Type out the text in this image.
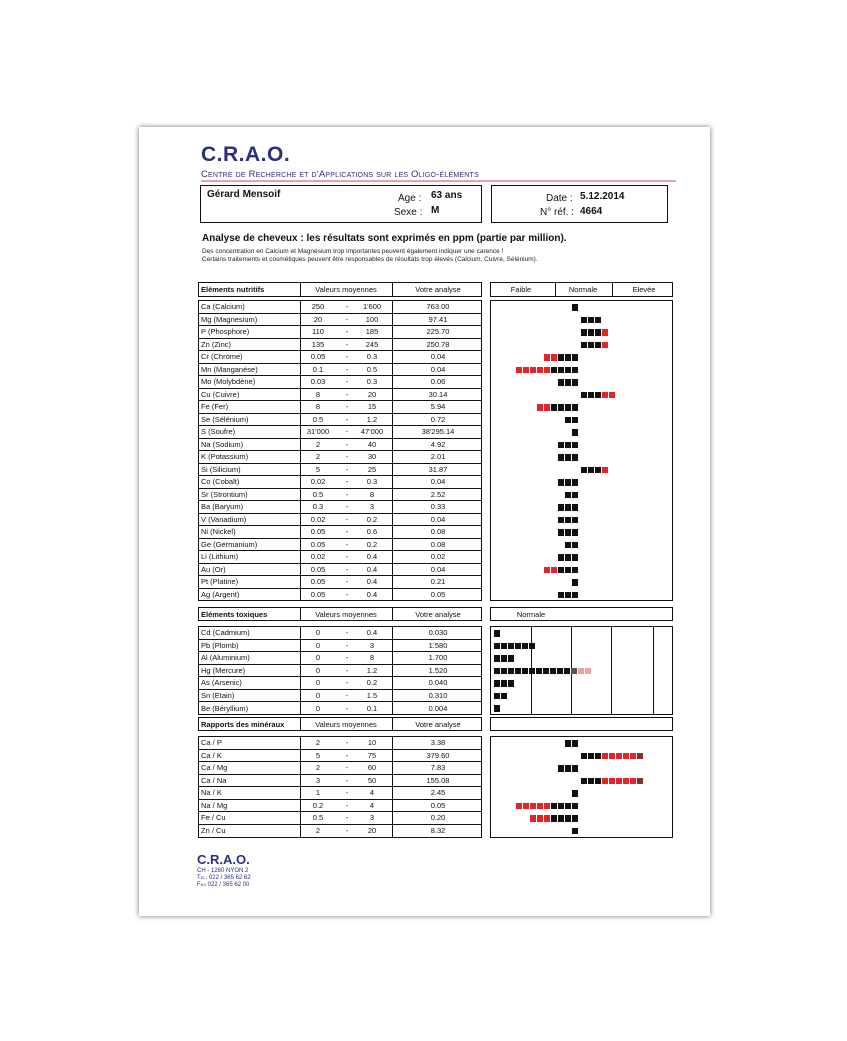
C.R.A.O.
Centre de Recherche et d'Applications sur les Oligo-éléments
Gérard Mensoif	Age : 63 ans
Sexe : M
Date : 5.12.2014
N° réf. : 4664
Analyse de cheveux : les résultats sont exprimés en ppm (partie par million).
Des concentration en Calcium et Magnésium trop importantes peuvent également indiquer une carence !
Certains traitements et cosmétiques peuvent être responsables de résultats trop élevés (Calcium, Cuivre, Sélénium).
Eléments nutritifs	Valeurs moyennes	Votre analyse	Faible	Normale	Elevée
Ca (Calcium)	250	-	1'600	763.00
Mg (Magnesium)	20	-	100	97.41
P (Phosphore)	110	-	185	225.70
Zn (Zinc)	135	-	245	250.78
Cr (Chrome)	0.05	-	0.3	0.04
Mn (Manganèse)	0.1	-	0.5	0.04
Mo (Molybdène)	0.03	-	0.3	0.06
Cu (Cuivre)	8	-	20	30.14
Fe (Fer)	8	-	15	5.94
Se (Sélénium)	0.5	-	1.2	0.72
S (Soufre)	31'000	-	47'000	38'295.14
Na (Sodium)	2	-	40	4.92
K (Potassium)	2	-	30	2.01
Si (Silicium)	5	-	25	31.87
Co (Cobalt)	0.02	-	0.3	0.04
Sr (Strontium)	0.5	-	8	2.52
Ba (Baryum)	0.3	-	3	0.33
V (Vanadium)	0.02	-	0.2	0.04
Ni (Nickel)	0.05	-	0.6	0.08
Ge (Germanium)	0.05	-	0.2	0.08
Li (Lithium)	0.02	-	0.4	0.02
Au (Or)	0.05	-	0.4	0.04
Pt (Platine)	0.05	-	0.4	0.21
Ag (Argent)	0.05	-	0.4	0.05
Eléments toxiques	Valeurs moyennes	Votre analyse	Normale
Cd (Cadmium)	0	-	0.4	0.030
Pb (Plomb)	0	-	3	1.580
Al (Aluminium)	0	-	8	1.700
Hg (Mercure)	0	-	1.2	1.520
As (Arsenic)	0	-	0.2	0.040
Sn (Etain)	0	-	1.5	0.310
Be (Béryllium)	0	-	0.1	0.004
Rapports des minéraux	Valeurs moyennes	Votre analyse
Ca / P	2	-	10	3.38
Ca / K	5	-	75	379.60
Ca / Mg	2	-	60	7.83
Ca / Na	3	-	50	155.08
Na / K	1	-	4	2.45
Na / Mg	0.2	-	4	0.05
Fe / Cu	0.5	-	3	0.20
Zn / Cu	2	-	20	8.32
C.R.A.O.
CH - 1260 NYON 2
Tel. 022 / 365 62 62
Fax 022 / 365 62 00
